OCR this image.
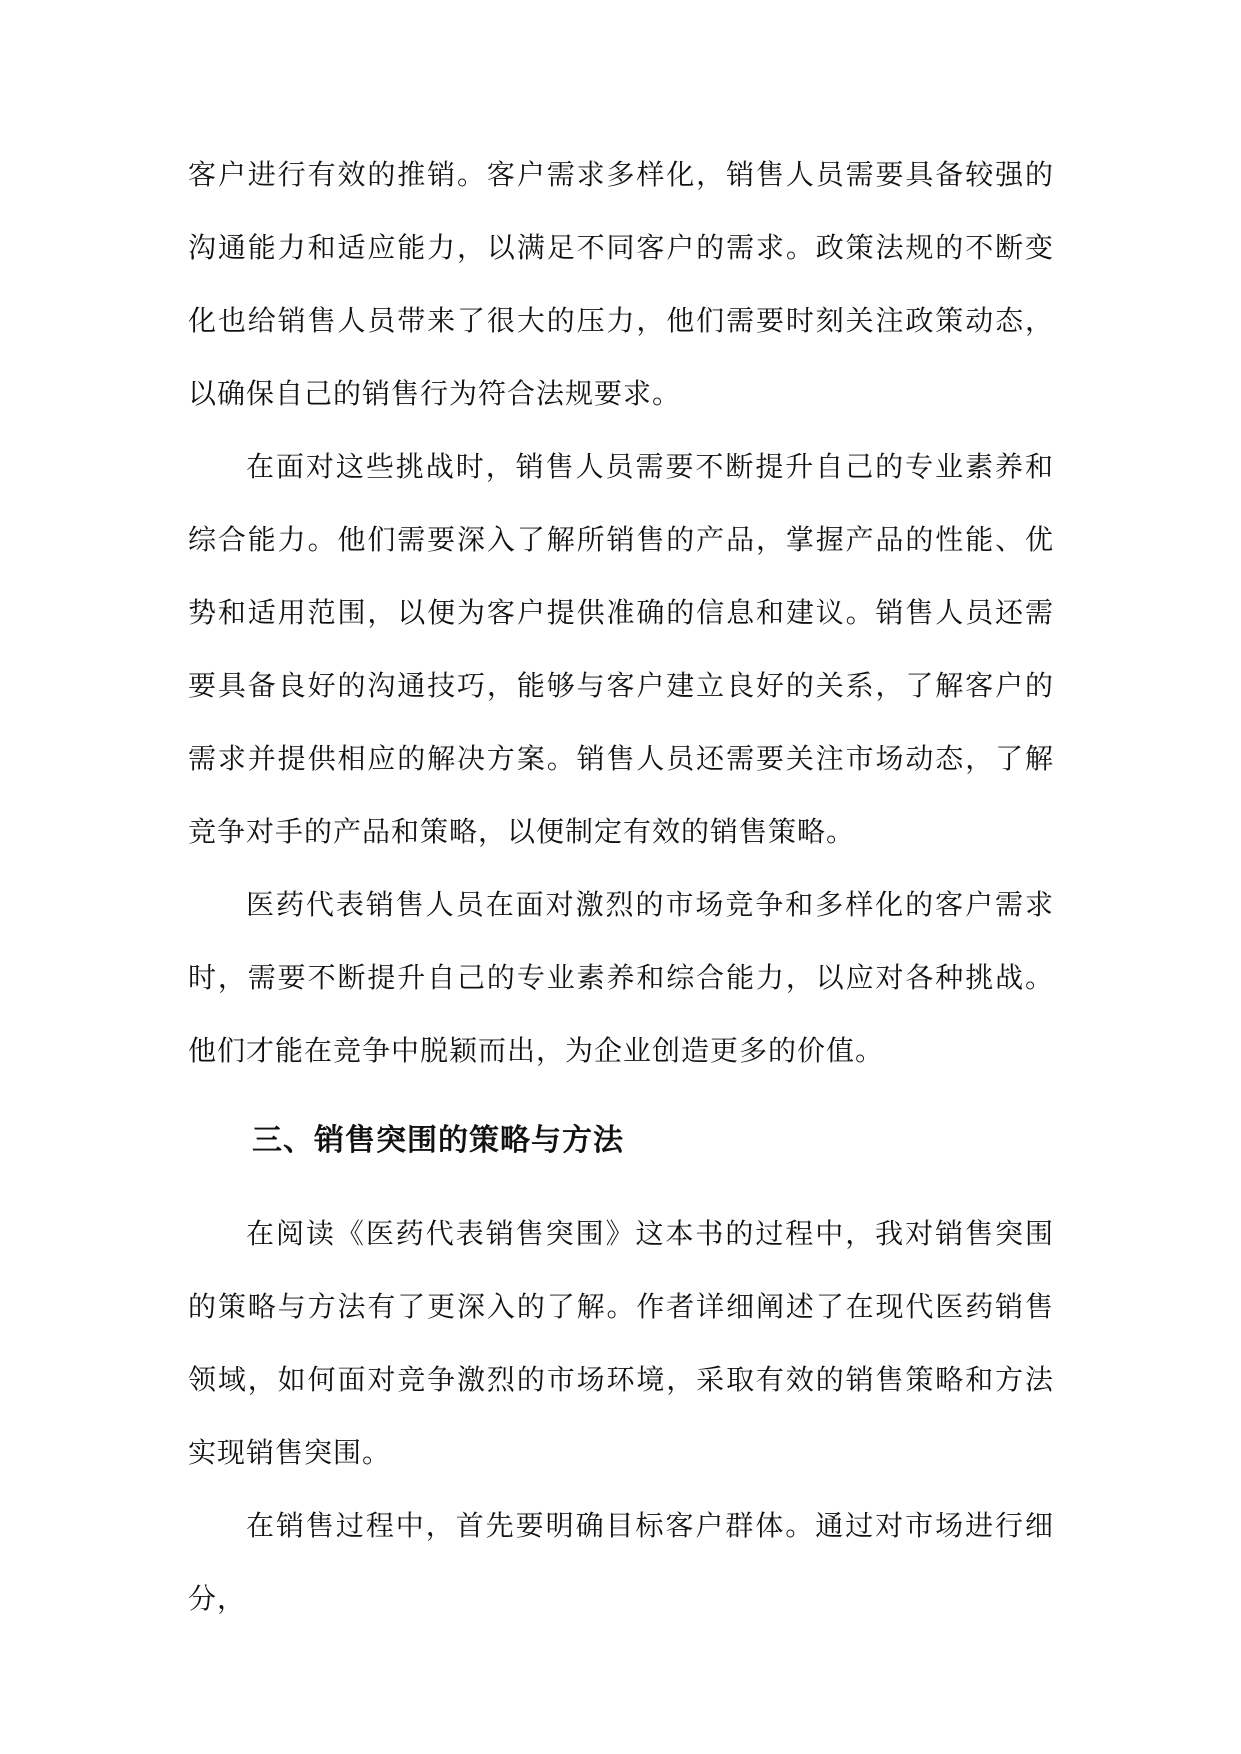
客户进行有效的推销。客户需求多样化，销售人员需要具备较强的沟通能力和适应能力，以满足不同客户的需求。政策法规的不断变化也给销售人员带来了很大的压力，他们需要时刻关注政策动态，以确保自己的销售行为符合法规要求。

在面对这些挑战时，销售人员需要不断提升自己的专业素养和综合能力。他们需要深入了解所销售的产品，掌握产品的性能、优势和适用范围，以便为客户提供准确的信息和建议。销售人员还需要具备良好的沟通技巧，能够与客户建立良好的关系，了解客户的需求并提供相应的解决方案。销售人员还需要关注市场动态，了解竞争对手的产品和策略，以便制定有效的销售策略。

医药代表销售人员在面对激烈的市场竞争和多样化的客户需求时，需要不断提升自己的专业素养和综合能力，以应对各种挑战。他们才能在竞争中脱颖而出，为企业创造更多的价值。

三、销售突围的策略与方法

在阅读《医药代表销售突围》这本书的过程中，我对销售突围的策略与方法有了更深入的了解。作者详细阐述了在现代医药销售领域，如何面对竞争激烈的市场环境，采取有效的销售策略和方法实现销售突围。

在销售过程中，首先要明确目标客户群体。通过对市场进行细分，
